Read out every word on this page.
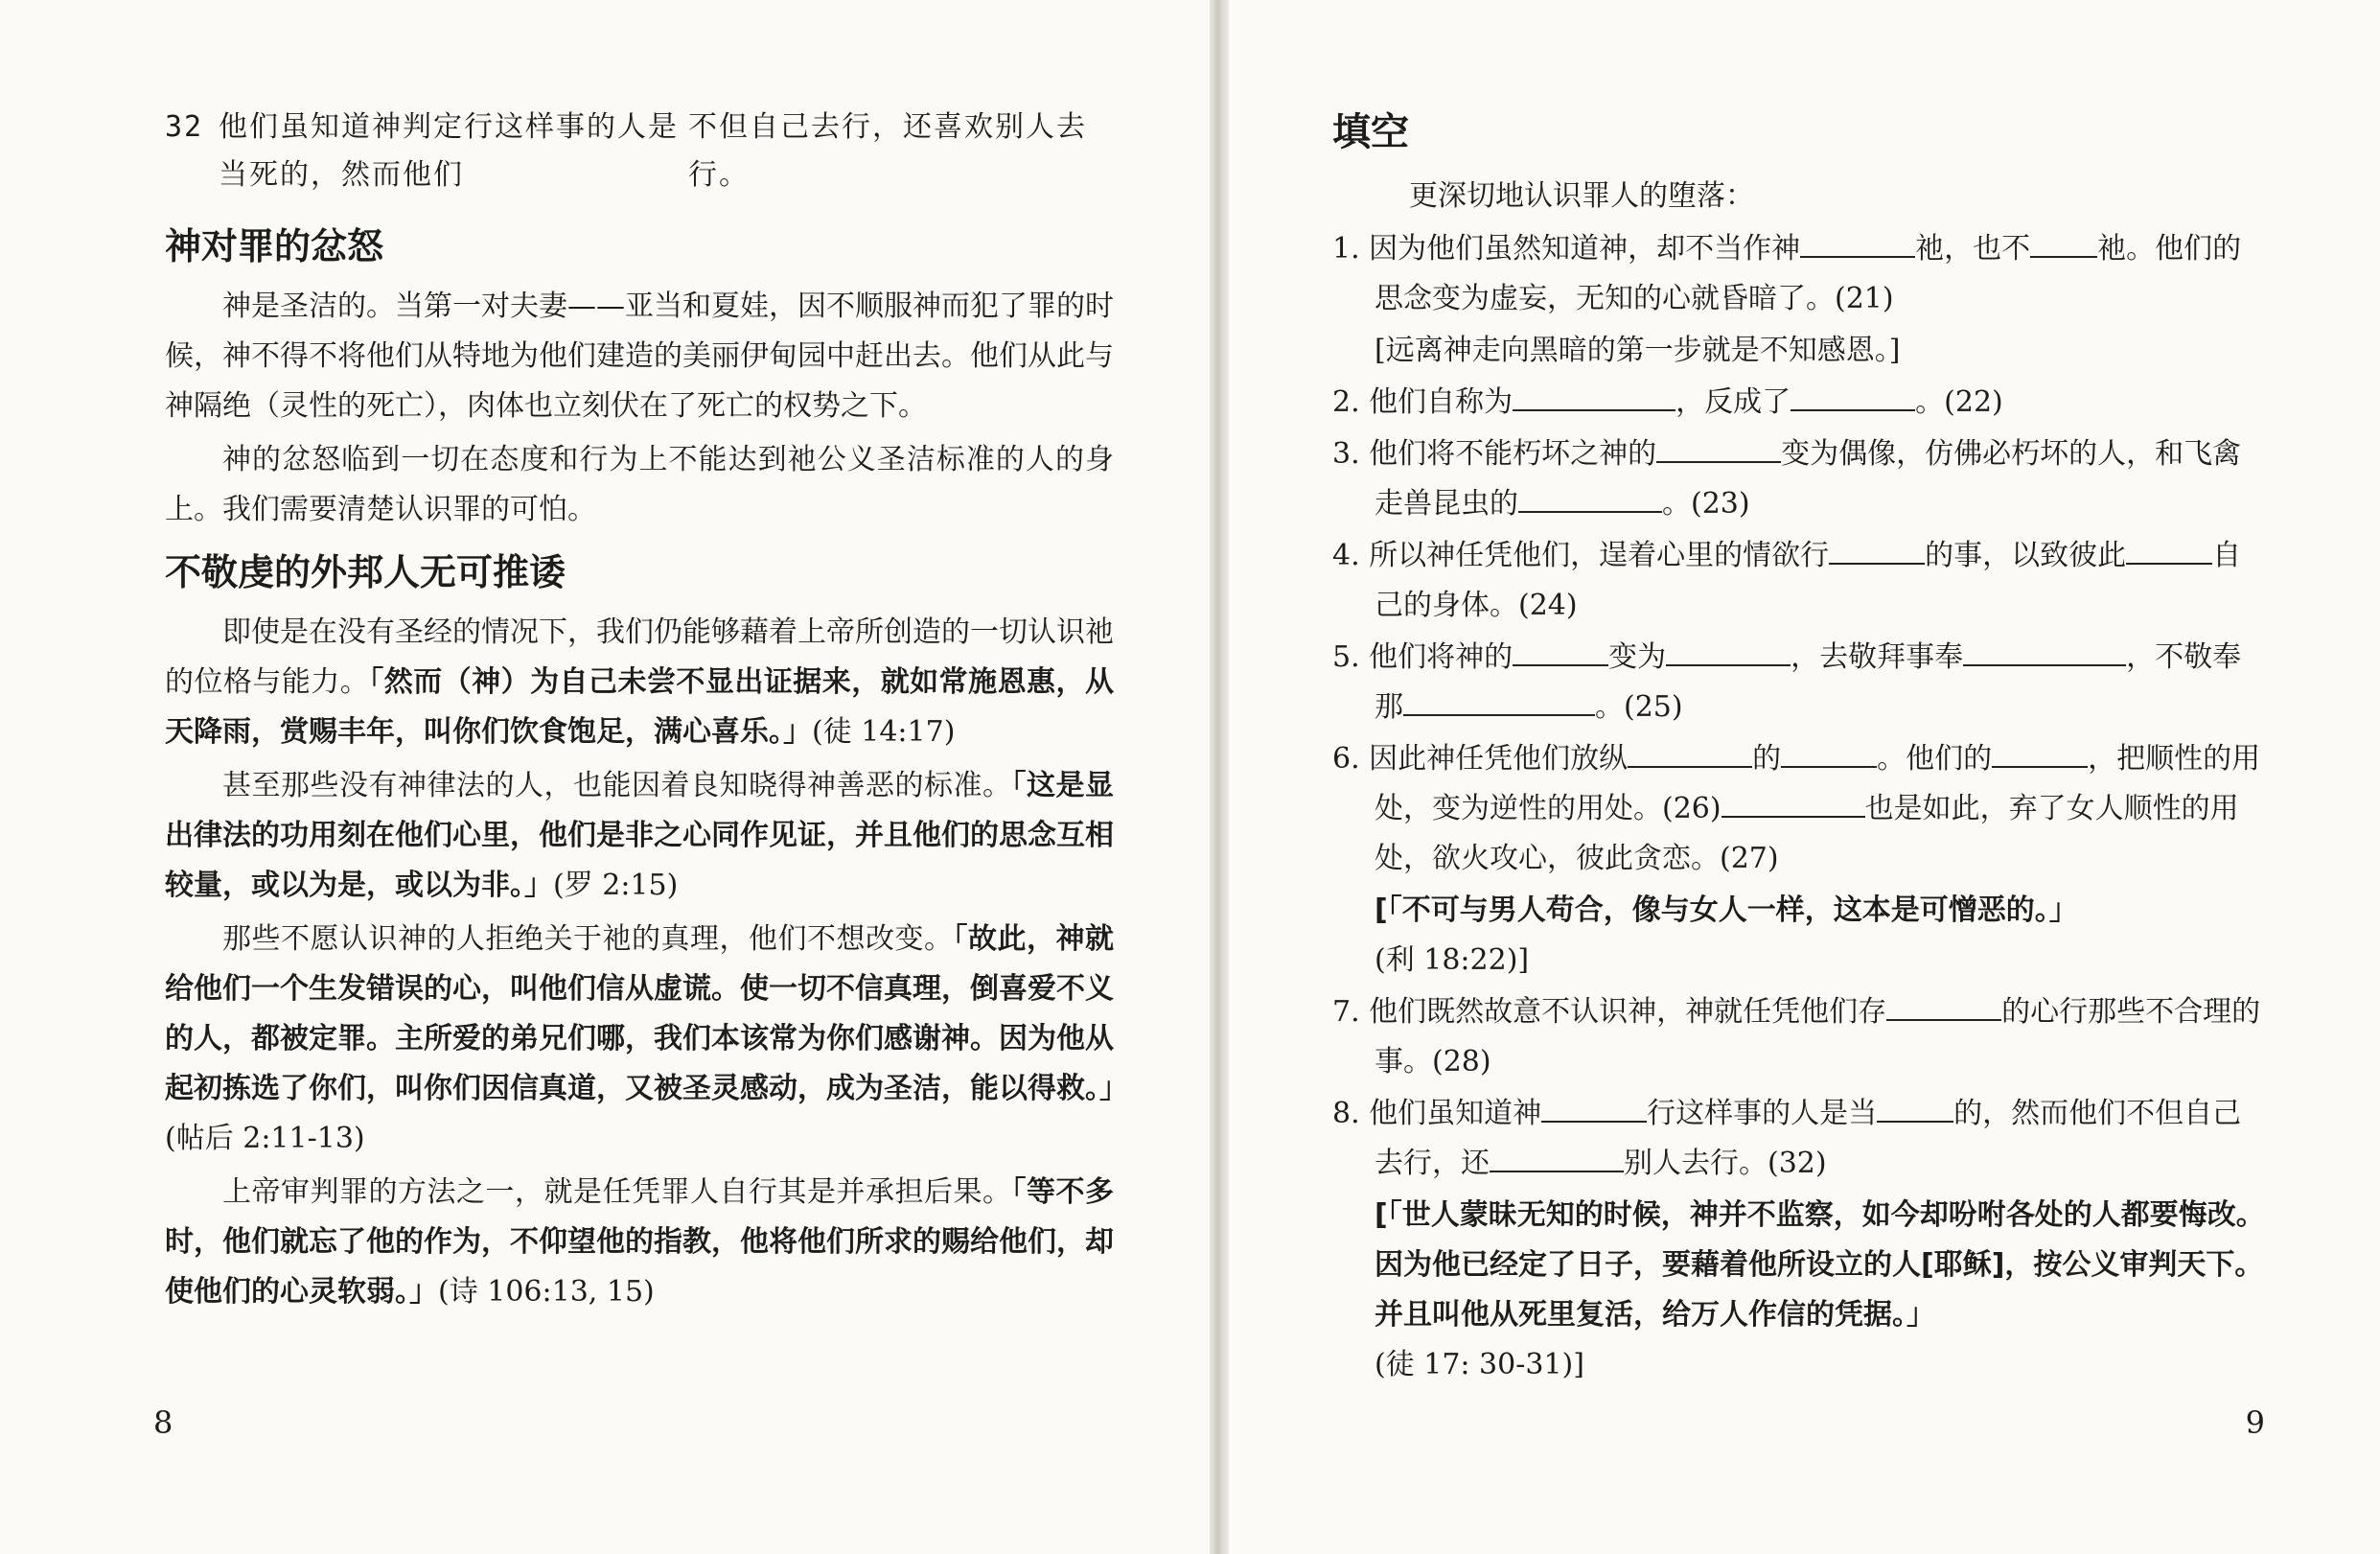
32 他们虽知道神判定行这样事的人是当死的，然而他们
不但自己去行，还喜欢别人去行。
神对罪的忿怒

神是圣洁的。当第一对夫妻——亚当和夏娃，因不顺服神而犯了罪的时候，神不得不将他们从特地为他们建造的美丽伊甸园中赶出去。他们从此与神隔绝（灵性的死亡），肉体也立刻伏在了死亡的权势之下。

神的忿怒临到一切在态度和行为上不能达到祂公义圣洁标准的人的身上。我们需要清楚认识罪的可怕。

不敬虔的外邦人无可推诿

即使是在没有圣经的情况下，我们仍能够藉着上帝所创造的一切认识祂的位格与能力。「然而（神）为自己未尝不显出证据来，就如常施恩惠，从天降雨，赏赐丰年，叫你们饮食饱足，满心喜乐。」(徒 14:17)

甚至那些没有神律法的人，也能因着良知晓得神善恶的标准。「这是显出律法的功用刻在他们心里，他们是非之心同作见证，并且他们的思念互相较量，或以为是，或以为非。」(罗 2:15)

那些不愿认识神的人拒绝关于祂的真理，他们不想改变。「故此，神就给他们一个生发错误的心，叫他们信从虚谎。使一切不信真理，倒喜爱不义的人，都被定罪。主所爱的弟兄们哪，我们本该常为你们感谢神。因为他从起初拣选了你们，叫你们因信真道，又被圣灵感动，成为圣洁，能以得救。」(帖后 2:11-13)

上帝审判罪的方法之一，就是任凭罪人自行其是并承担后果。「等不多时，他们就忘了他的作为，不仰望他的指教，他将他们所求的赐给他们，却使他们的心灵软弱。」(诗 106:13, 15)

8
填空
更深切地认识罪人的堕落：
1. 因为他们虽然知道神，却不当作神	祂，也不 祂。他们的思念变为虚妄，无知的心就昏暗了。(21)
[远离神走向黑暗的第一步就是不知感恩。]
2. 他们自称为	，反成了	。(22)
3. 他们将不能朽坏之神的	变为偶像，仿佛必朽坏的人，和飞禽走兽昆虫的	。(23)
4. 所以神任凭他们，逞着心里的情欲行	的事，以致彼此	自己的身体。(24)
5. 他们将神的	变为	，去敬拜事奉	，不敬奉那	。(25)
6. 因此神任凭他们放纵	的	。他们的	，把顺性的用处，变为逆性的用处。(26)	也是如此，弃了女人顺性的用处，欲火攻心，彼此贪恋。(27)
[「不可与男人苟合，像与女人一样，这本是可憎恶的。」
(利 18:22)]
7. 他们既然故意不认识神，神就任凭他们存	的心行那些不合理的事。(28)
8. 他们虽知道神	行这样事的人是当	的，然而他们不但自己去行，还	别人去行。(32)
[「世人蒙昧无知的时候，神并不监察，如今却吩咐各处的人都要悔改。因为他已经定了日子，要藉着他所设立的人[耶稣]，按公义审判天下。并且叫他从死里复活，给万人作信的凭据。」
(徒 17: 30-31)]
9
